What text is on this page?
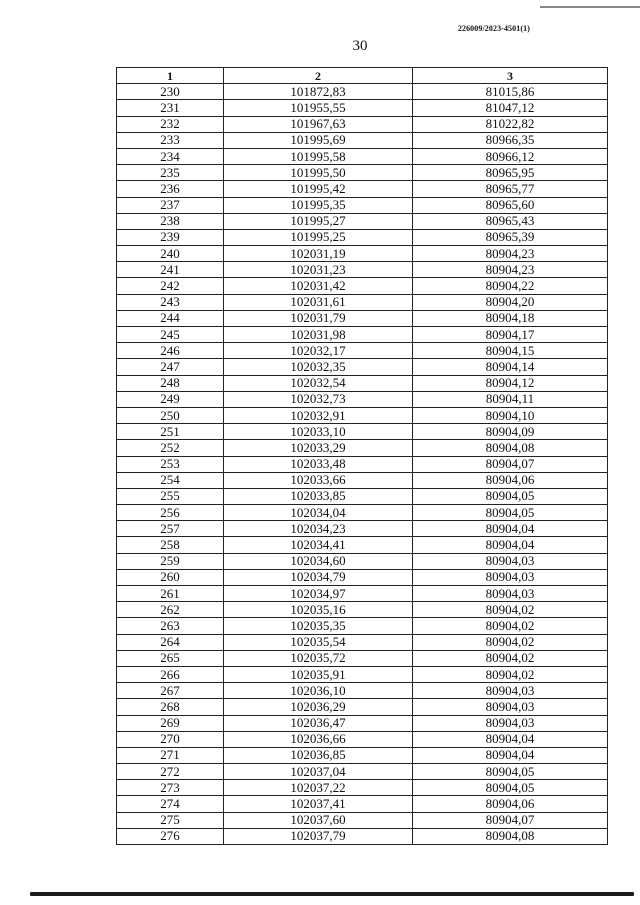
226009/2023-4501(1)
30
1	2	3
230	101872,83	81015,86
231	101955,55	81047,12
232	101967,63	81022,82
233	101995,69	80966,35
234	101995,58	80966,12
235	101995,50	80965,95
236	101995,42	80965,77
237	101995,35	80965,60
238	101995,27	80965,43
239	101995,25	80965,39
240	102031,19	80904,23
241	102031,23	80904,23
242	102031,42	80904,22
243	102031,61	80904,20
244	102031,79	80904,18
245	102031,98	80904,17
246	102032,17	80904,15
247	102032,35	80904,14
248	102032,54	80904,12
249	102032,73	80904,11
250	102032,91	80904,10
251	102033,10	80904,09
252	102033,29	80904,08
253	102033,48	80904,07
254	102033,66	80904,06
255	102033,85	80904,05
256	102034,04	80904,05
257	102034,23	80904,04
258	102034,41	80904,04
259	102034,60	80904,03
260	102034,79	80904,03
261	102034,97	80904,03
262	102035,16	80904,02
263	102035,35	80904,02
264	102035,54	80904,02
265	102035,72	80904,02
266	102035,91	80904,02
267	102036,10	80904,03
268	102036,29	80904,03
269	102036,47	80904,03
270	102036,66	80904,04
271	102036,85	80904,04
272	102037,04	80904,05
273	102037,22	80904,05
274	102037,41	80904,06
275	102037,60	80904,07
276	102037,79	80904,08
